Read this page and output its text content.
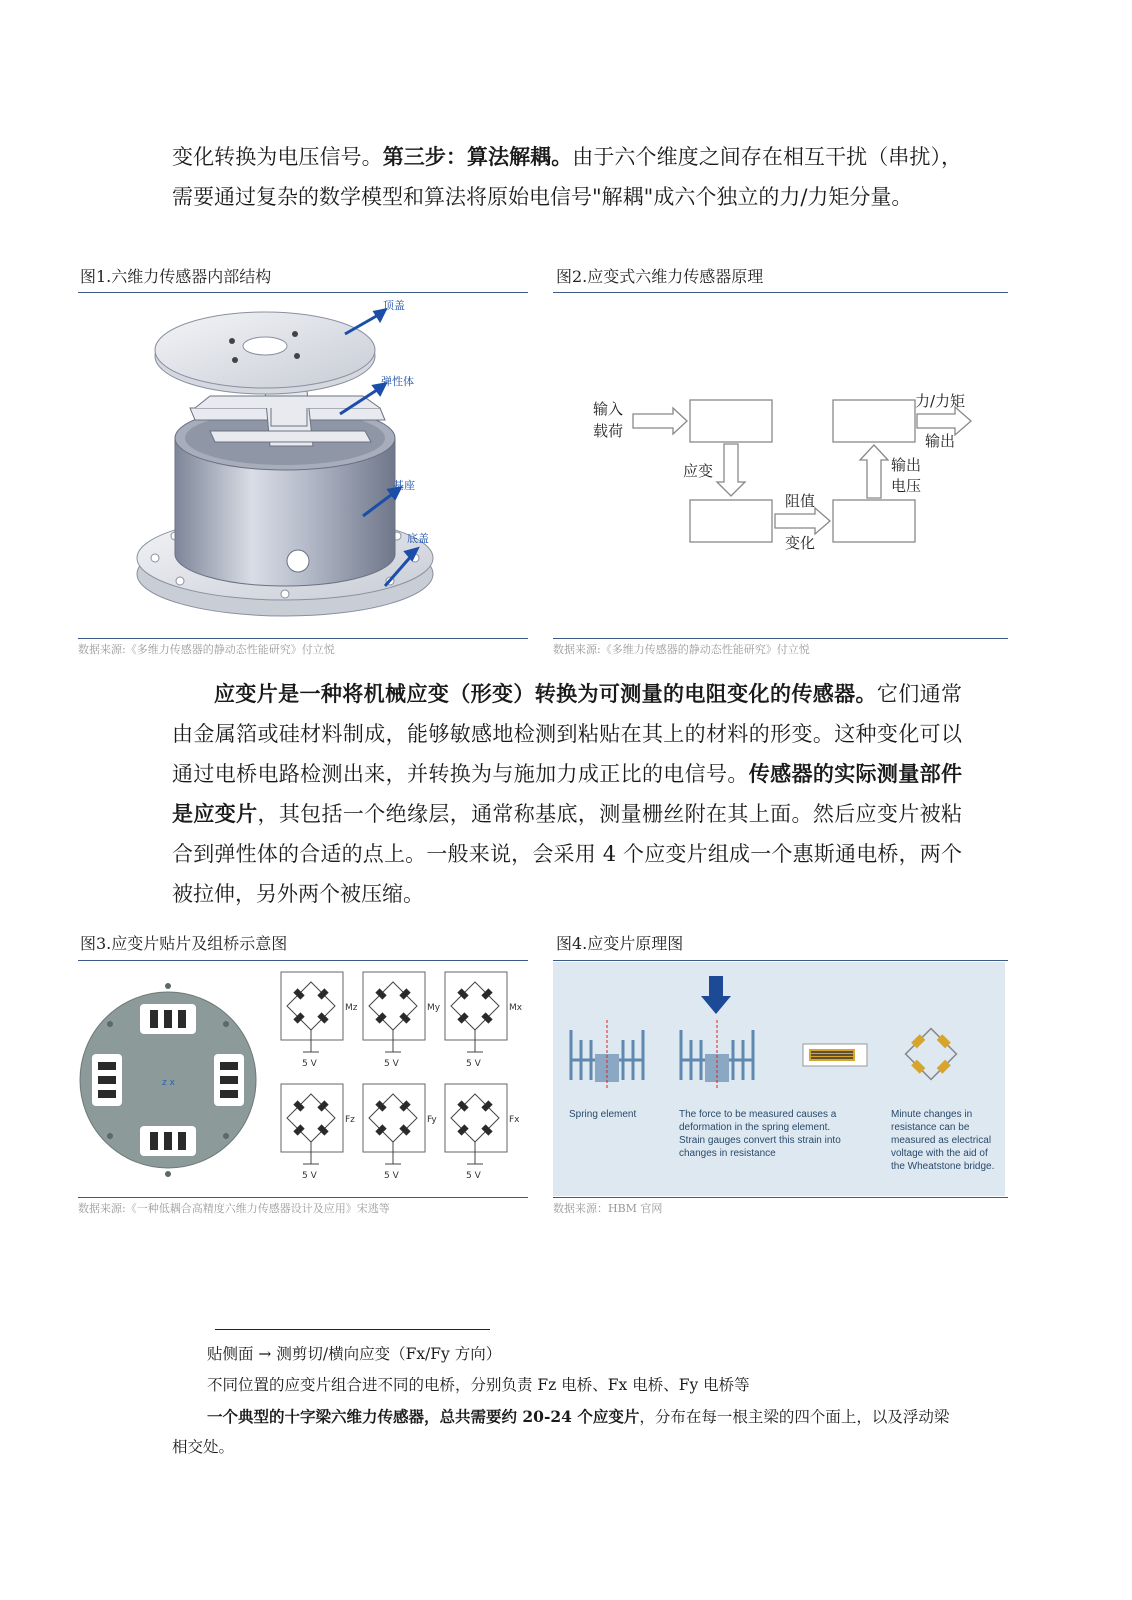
变化转换为电压信号。第三步：算法解耦。由于六个维度之间存在相互干扰（串扰），需要通过复杂的数学模型和算法将原始电信号"解耦"成六个独立的力/力矩分量。

图1.六维力传感器内部结构
顶盖
弹性体
基座
底盖
数据来源:《多维力传感器的静动态性能研究》付立悦
图2.应变式六维力传感器原理
输入
载荷
力/力矩
输出
应变	输出
电压
阻值
变化
数据来源:《多维力传感器的静动态性能研究》付立悦

应变片是一种将机械应变（形变）转换为可测量的电阻变化的传感器。它们通常由金属箔或硅材料制成，能够敏感地检测到粘贴在其上的材料的形变。这种变化可以通过电桥电路检测出来，并转换为与施加力成正比的电信号。传感器的实际测量部件是应变片，其包括一个绝缘层，通常称基底，测量栅丝附在其上面。然后应变片被粘合到弹性体的合适的点上。一般来说，会采用 4 个应变片组成一个惠斯通电桥，两个被拉伸，另外两个被压缩。

图3.应变片贴片及组桥示意图
z x
Mz
5 V
My
5 V
Mx
5 V
Fz
5 V
Fy
5 V
Fx
5 V
数据来源:《一种低耦合高精度六维力传感器设计及应用》宋逃等
图4.应变片原理图
Spring element	The force to be measured causes a deformation in the spring element. Strain gauges convert this strain into changes in resistance
Minute changes in resistance can be measured as electrical voltage with the aid of the Wheatstone bridge.
数据来源：HBM 官网

贴侧面 → 测剪切/横向应变（Fx/Fy 方向）

不同位置的应变片组合进不同的电桥，分别负责 Fz 电桥、Fx 电桥、Fy 电桥等

一个典型的十字梁六维力传感器，总共需要约 20-24 个应变片，分布在每一根主梁的四个面上，以及浮动梁相交处。
